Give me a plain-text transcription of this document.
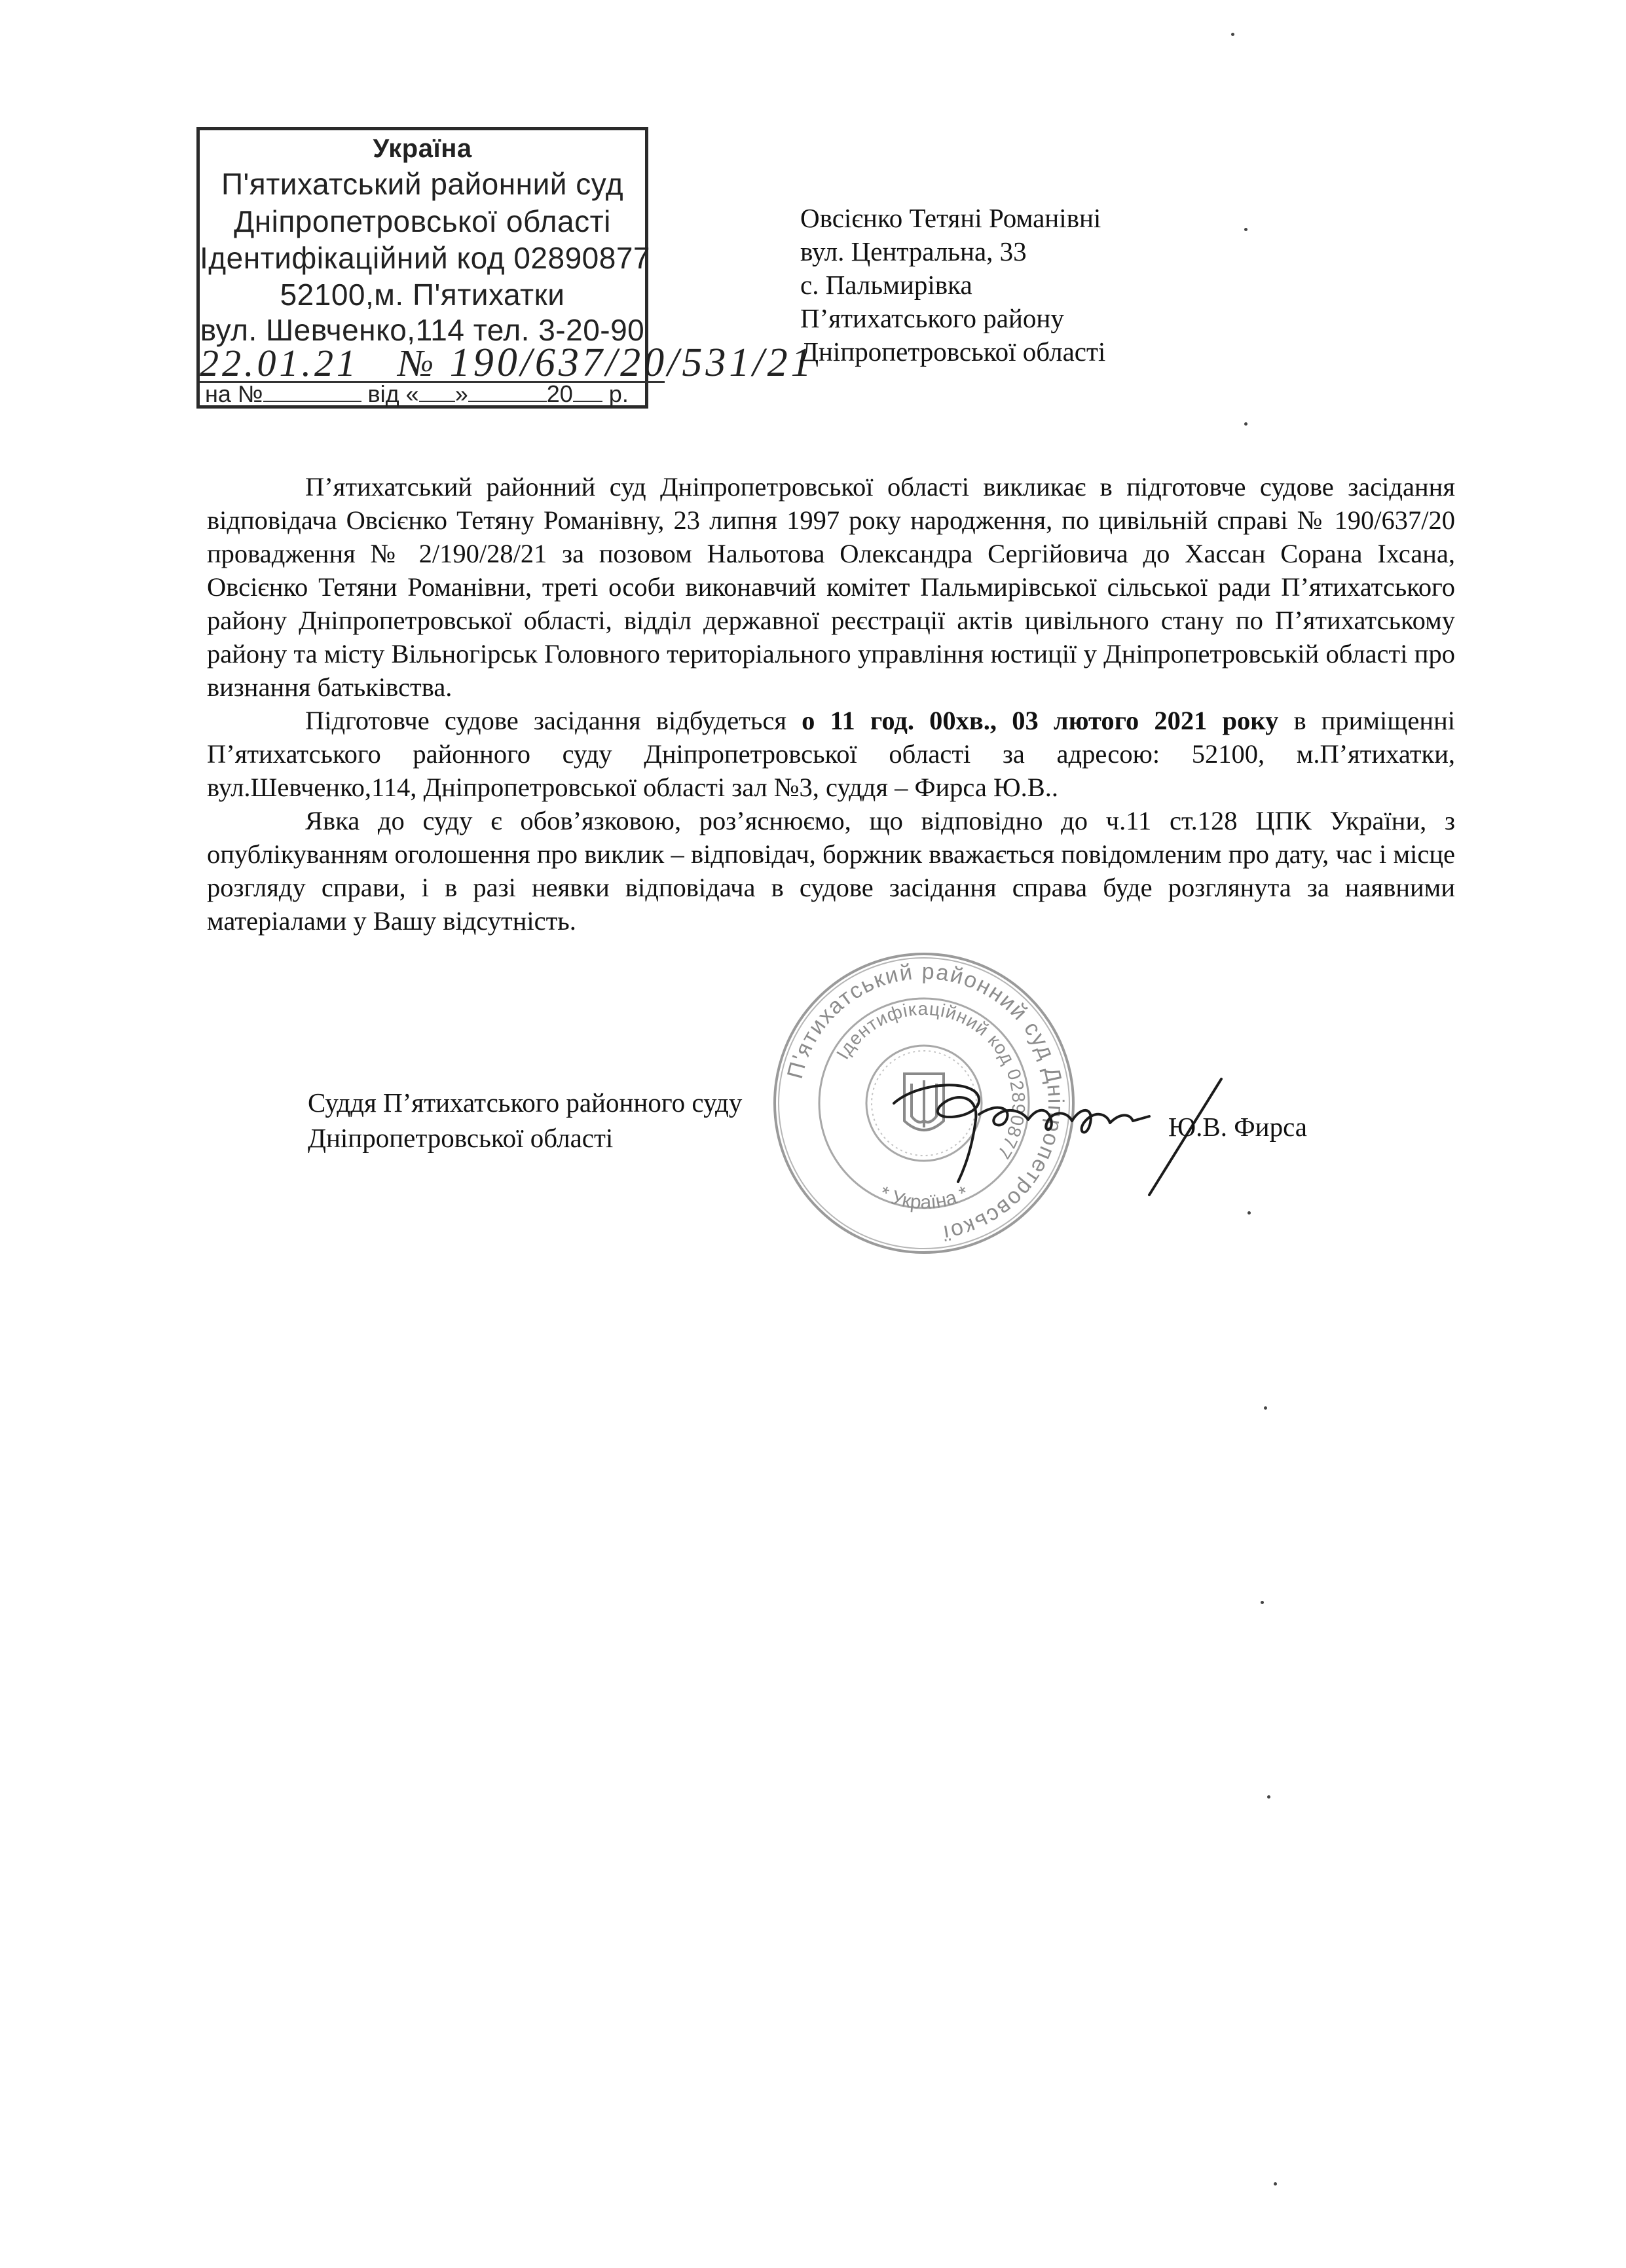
Україна
П'ятихатський районний суд
Дніпропетровської області
Ідентифікаційний код 02890877
52100,м. П'ятихатки
вул. Шевченко,114 тел. 3-20-90
22.01.21 № 190/637/20/531/21
на №	від « »	20 р.
Овсієнко Тетяні Романівні
вул. Центральна, 33
с. Пальмирівка
П’ятихатського району
Дніпропетровської області

П’ятихатський районний суд Дніпропетровської області викликає в підготовче судове засідання відповідача Овсієнко Тетяну Романівну, 23 липня 1997 року народження, по цивільній справі № 190/637/20 провадження № 2/190/28/21 за позовом Нальотова Олександра Сергійовича до Хассан Сорана Іхсана, Овсієнко Тетяни Романівни, треті особи виконавчий комітет Пальмирівської сільської ради П’ятихатського району Дніпропетровської області, відділ державної реєстрації актів цивільного стану по П’ятихатському району та місту Вільногірськ Головного територіального управління юстиції у Дніпропетровській області про визнання батьківства.

Підготовче судове засідання відбудеться о 11 год. 00хв., 03 лютого 2021 року в приміщенні П’ятихатського районного суду Дніпропетровської області за адресою: 52100, м.П’ятихатки, вул.Шевченко,114, Дніпропетровської області зал №3, суддя – Фирса Ю.В..

Явка до суду є обов’язковою, роз’яснюємо, що відповідно до ч.11 ст.128 ЦПК України, з опублікуванням оголошення про виклик – відповідач, боржник вважається повідомленим про дату, час і місце розгляду справи, і в разі неявки відповідача в судове засідання справа буде розглянута за наявними матеріалами у Вашу відсутність.

П'ятихатський районний суд Дніпропетровської
Ідентифікаційний код 02890877
* Україна *
Суддя П’ятихатського районного суду
Дніпропетровської області	Ю.В. Фирса
